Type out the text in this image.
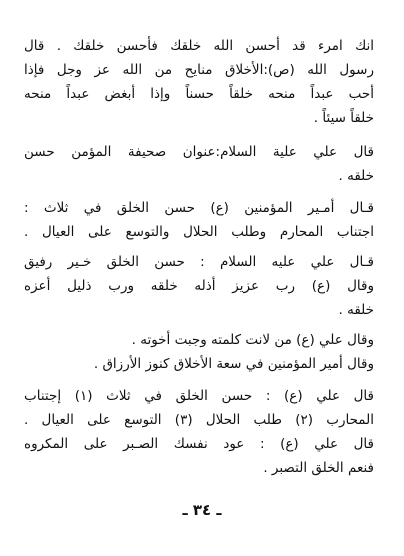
انك امرء قد أحسن الله خلقك فأحسن خلقك . قال
رسول الله (ص):الأخلاق منايح من الله عز وجل فإذا
أحب عبداً منحه خلقاً حسناً وإذا أبغض عبداً منحه
خلقاً سيئاً .
قال علي علية السلام:عنوان صحيفة المؤمن حسن
خلقه .
قـال أمـير المؤمنين (ع) حسن الخلق في ثلاث :
اجتناب المحارم وطلب الحلال والتوسع على العيال .
قـال علي عليه السلام : حسن الخلق خـير رفيق
وقال (ع) رب عزيز أذله خلقه ورب ذليل أعزه
خلقه .
وقال علي (ع) من لانت كلمته وجبت أخوته .
وقال أمير المؤمنين في سعة الأخلاق كنوز الأرزاق .
قال علي (ع) : حسن الخلق في ثلاث (١) إجتناب
المحارب (٢) طلب الحلال (٣) التوسع على العيال .
قال علي (ع) : عود نفسك الصـبر على المكروه
فنعم الخلق التصبر .
ـ ٣٤ ـ
